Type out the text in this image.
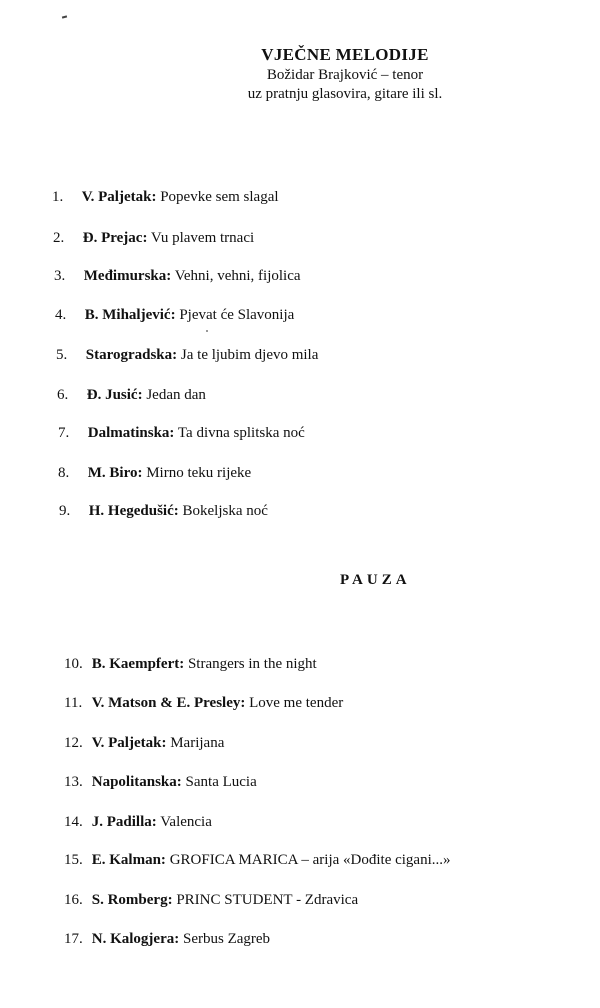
VJEČNE MELODIJE
Božidar Brajković – tenor
uz pratnju glasovira, gitare ili sl.
1. V. Paljetak: Popevke sem slagal
2. Đ. Prejac: Vu plavem trnaci
3. Međimurska: Vehni, vehni, fijolica
4. B. Mihaljević: Pjevat će Slavonija
5. Starogradska: Ja te ljubim djevo mila
6. Đ. Jusić: Jedan dan
7. Dalmatinska: Ta divna splitska noć
8. M. Biro: Mirno teku rijeke
9. H. Hegedušić: Bokeljska noć
PAUZA
10. B. Kaempfert: Strangers in the night
11. V. Matson & E. Presley: Love me tender
12. V. Paljetak: Marijana
13. Napolitanska: Santa Lucia
14. J. Padilla: Valencia
15. E. Kalman: GROFICA MARICA – arija «Dođite cigani...»
16. S. Romberg: PRINC STUDENT - Zdravica
17. N. Kalogjera: Serbus Zagreb
